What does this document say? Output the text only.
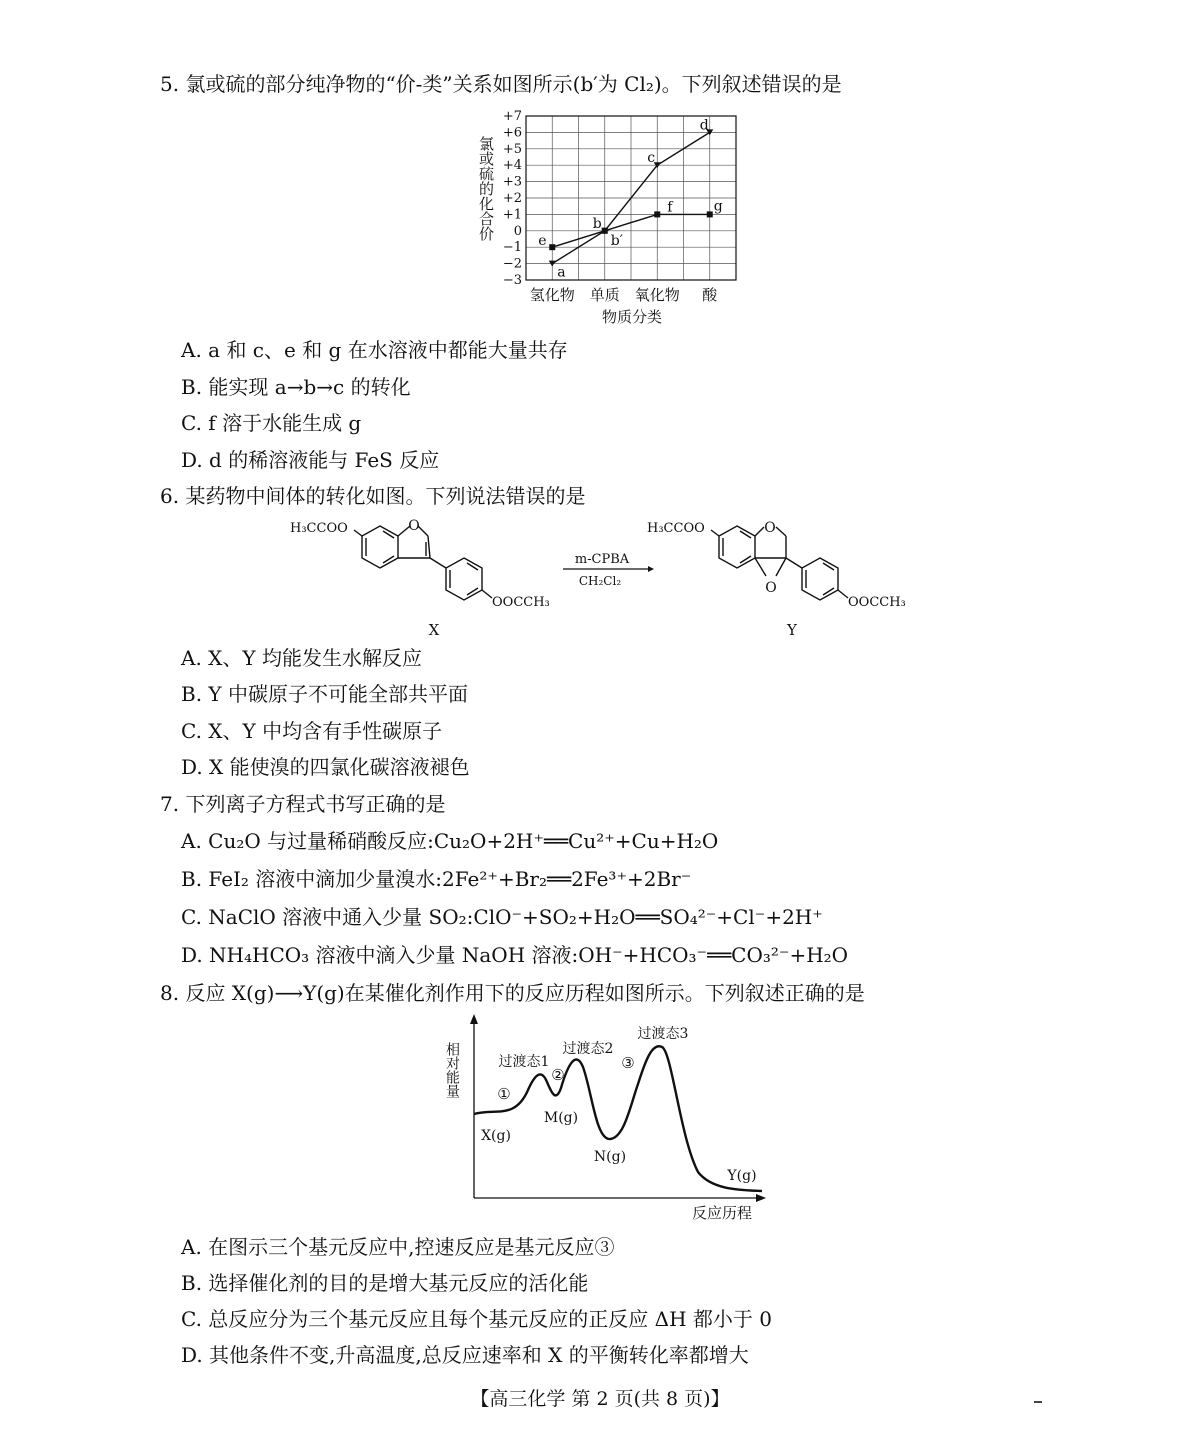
5. 氯或硫的部分纯净物的“价-类”关系如图所示(b′为 Cl₂)。下列叙述错误的是
+7
+6
+5
+4
+3
+2
+1
0
−1
−2
−3
氢化物 单质 氧化物 酸
a
b
c
d
e	b′
f	g
氯或硫的化合价
物质分类
A. a 和 c、e 和 g 在水溶液中都能大量共存
B. 能实现 a→b→c 的转化
C. f 溶于水能生成 g
D. d 的稀溶液能与 FeS 反应
6. 某药物中间体的转化如图。下列说法错误的是
O
H₃CCOO
OOCCH₃
X
m-CPBA
CH₂Cl₂
O
O
H₃CCOO
OOCCH₃
Y
A. X、Y 均能发生水解反应
B. Y 中碳原子不可能全部共平面
C. X、Y 中均含有手性碳原子
D. X 能使溴的四氯化碳溶液褪色
7. 下列离子方程式书写正确的是
A. Cu₂O 与过量稀硝酸反应:Cu₂O+2H⁺══Cu²⁺+Cu+H₂O
B. FeI₂ 溶液中滴加少量溴水:2Fe²⁺+Br₂══2Fe³⁺+2Br⁻
C. NaClO 溶液中通入少量 SO₂:ClO⁻+SO₂+H₂O══SO₄²⁻+Cl⁻+2H⁺
D. NH₄HCO₃ 溶液中滴入少量 NaOH 溶液:OH⁻+HCO₃⁻══CO₃²⁻+H₂O
8. 反应 X(g)⟶Y(g)在某催化剂作用下的反应历程如图所示。下列叙述正确的是
相对能量
反应历程
过渡态1
过渡态2
过渡态3
①
②
③
X(g)
M(g)
N(g)
Y(g)
A. 在图示三个基元反应中,控速反应是基元反应③
B. 选择催化剂的目的是增大基元反应的活化能
C. 总反应分为三个基元反应且每个基元反应的正反应 ΔH 都小于 0
D. 其他条件不变,升高温度,总反应速率和 X 的平衡转化率都增大
【高三化学 第 2 页(共 8 页)】
